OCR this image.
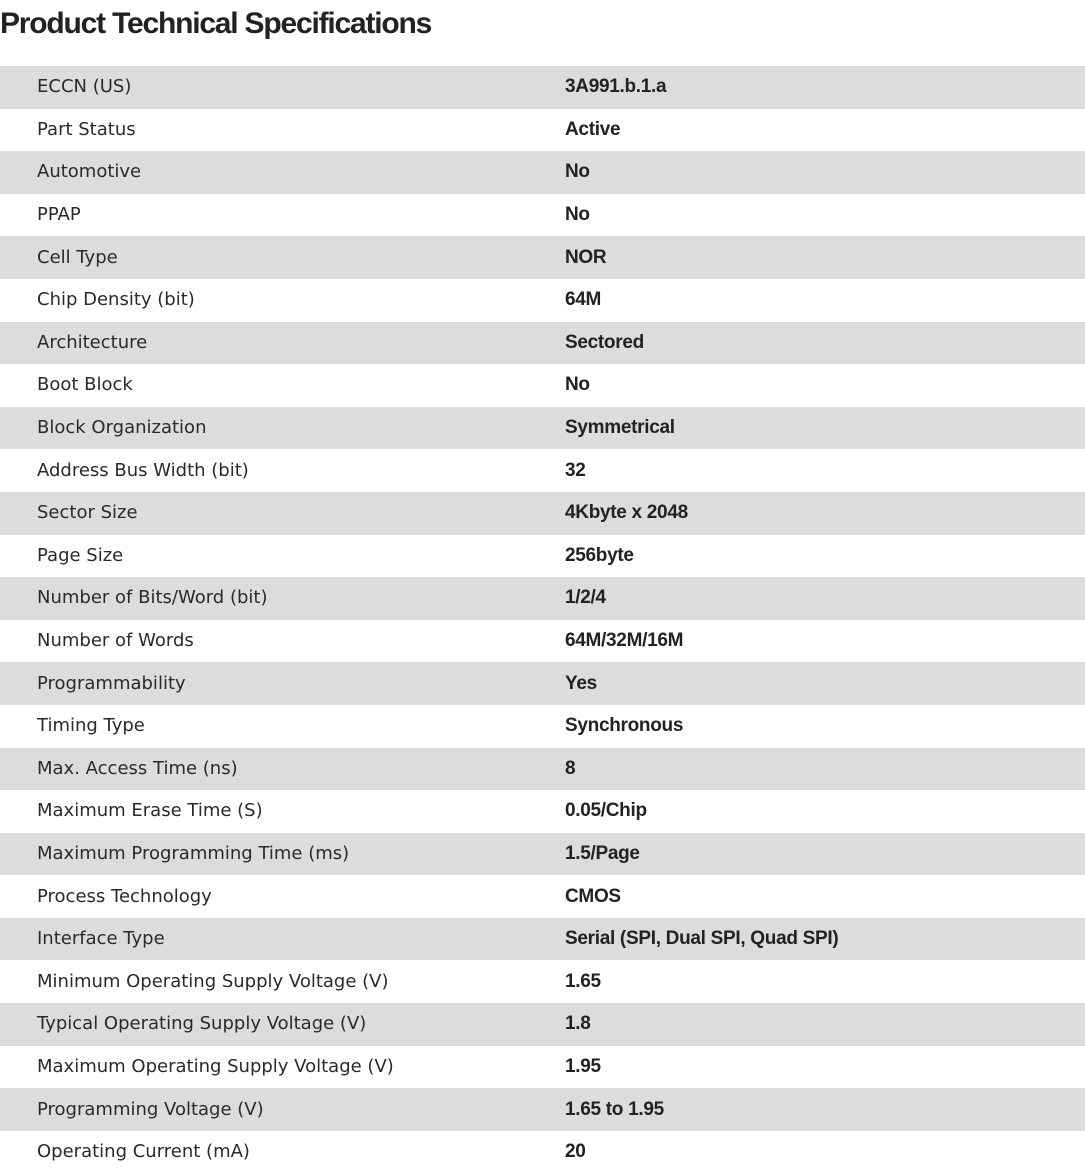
Product Technical Specifications
ECCN (US)	3A991.b.1.a
Part Status	Active
Automotive	No
PPAP	No
Cell Type	NOR
Chip Density (bit)	64M
Architecture	Sectored
Boot Block	No
Block Organization	Symmetrical
Address Bus Width (bit)	32
Sector Size	4Kbyte x 2048
Page Size	256byte
Number of Bits/Word (bit)	1/2/4
Number of Words	64M/32M/16M
Programmability	Yes
Timing Type	Synchronous
Max. Access Time (ns)	8
Maximum Erase Time (S)	0.05/Chip
Maximum Programming Time (ms)	1.5/Page
Process Technology	CMOS
Interface Type	Serial (SPI, Dual SPI, Quad SPI)
Minimum Operating Supply Voltage (V)	1.65
Typical Operating Supply Voltage (V)	1.8
Maximum Operating Supply Voltage (V)	1.95
Programming Voltage (V)	1.65 to 1.95
Operating Current (mA)	20
